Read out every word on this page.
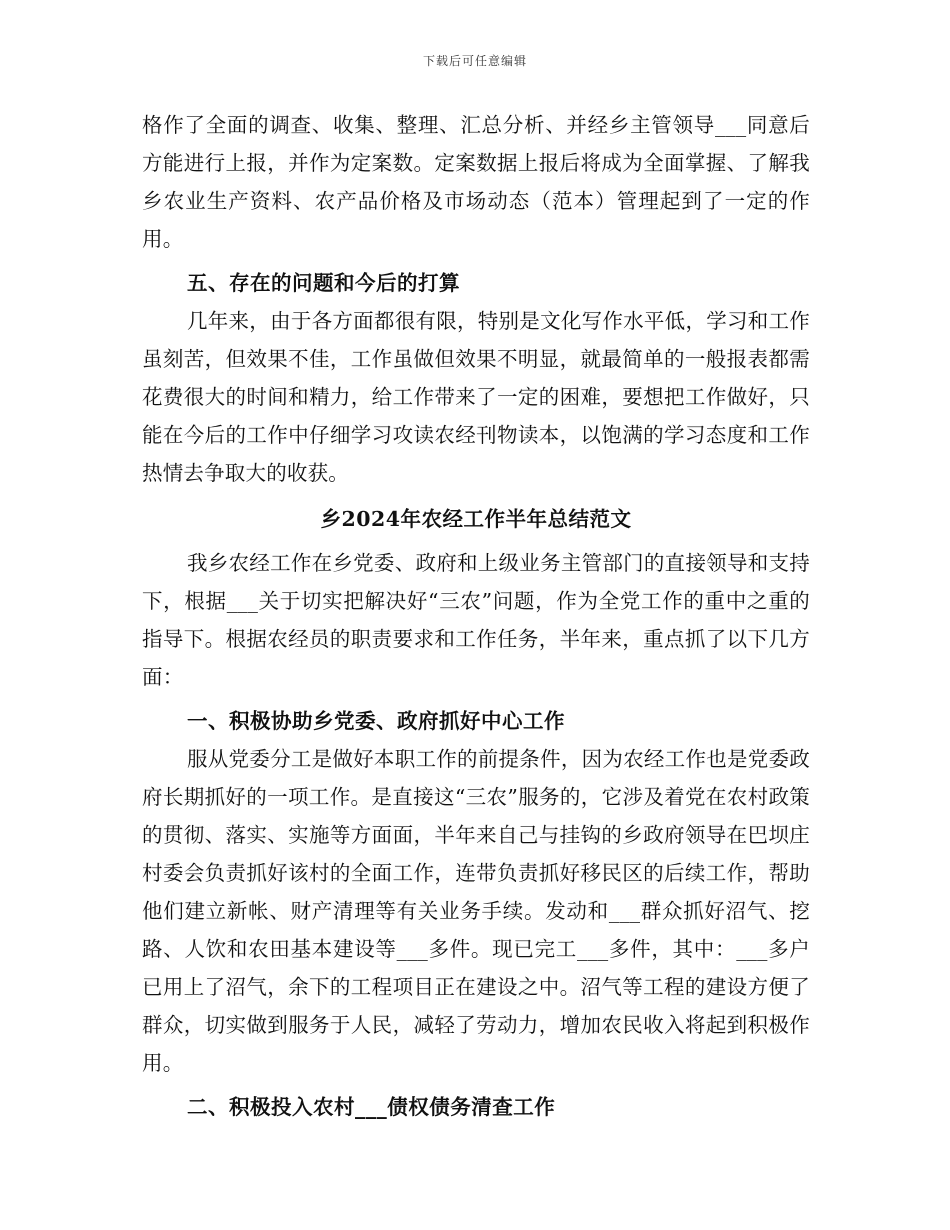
下载后可任意编辑

格作了全面的调查、收集、整理、汇总分析、并经乡主管领导___同意后方能进行上报，并作为定案数。定案数据上报后将成为全面掌握、了解我乡农业生产资料、农产品价格及市场动态（范本）管理起到了一定的作用。

五、存在的问题和今后的打算

几年来，由于各方面都很有限，特别是文化写作水平低，学习和工作虽刻苦，但效果不佳，工作虽做但效果不明显，就最简单的一般报表都需花费很大的时间和精力，给工作带来了一定的困难，要想把工作做好，只能在今后的工作中仔细学习攻读农经刊物读本，以饱满的学习态度和工作热情去争取大的收获。

乡2024年农经工作半年总结范文

我乡农经工作在乡党委、政府和上级业务主管部门的直接领导和支持下，根据___关于切实把解决好“三农”问题，作为全党工作的重中之重的指导下。根据农经员的职责要求和工作任务，半年来，重点抓了以下几方面：

一、积极协助乡党委、政府抓好中心工作

服从党委分工是做好本职工作的前提条件，因为农经工作也是党委政府长期抓好的一项工作。是直接这“三农”服务的，它涉及着党在农村政策的贯彻、落实、实施等方面面，半年来自己与挂钩的乡政府领导在巴坝庄村委会负责抓好该村的全面工作，连带负责抓好移民区的后续工作，帮助他们建立新帐、财产清理等有关业务手续。发动和___群众抓好沼气、挖路、人饮和农田基本建设等___多件。现已完工___多件，其中：___多户已用上了沼气，余下的工程项目正在建设之中。沼气等工程的建设方便了群众，切实做到服务于人民，减轻了劳动力，增加农民收入将起到积极作用。

二、积极投入农村___债权债务清查工作
